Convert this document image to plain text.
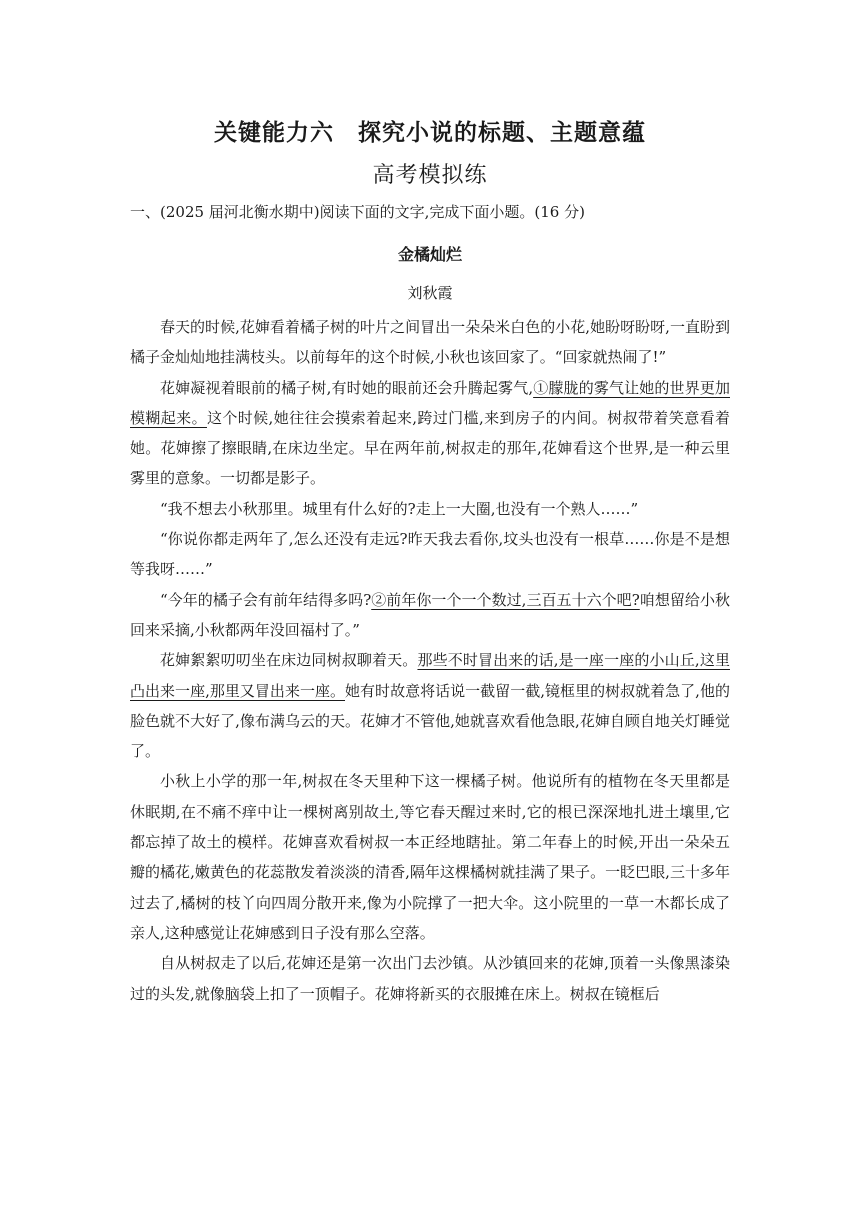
关键能力六　探究小说的标题、主题意蕴
高考模拟练
一、(2025 届河北衡水期中)阅读下面的文字,完成下面小题。(16 分)
金橘灿烂
刘秋霞

春天的时候,花婶看着橘子树的叶片之间冒出一朵朵米白色的小花,她盼呀盼呀,一直盼到橘子金灿灿地挂满枝头。以前每年的这个时候,小秋也该回家了。“回家就热闹了!”

花婶凝视着眼前的橘子树,有时她的眼前还会升腾起雾气,①朦胧的雾气让她的世界更加模糊起来。这个时候,她往往会摸索着起来,跨过门槛,来到房子的内间。树叔带着笑意看着她。花婶擦了擦眼睛,在床边坐定。早在两年前,树叔走的那年,花婶看这个世界,是一种云里雾里的意象。一切都是影子。

“我不想去小秋那里。城里有什么好的?走上一大圈,也没有一个熟人……”

“你说你都走两年了,怎么还没有走远?昨天我去看你,坟头也没有一根草……你是不是想等我呀……”

“今年的橘子会有前年结得多吗?②前年你一个一个数过,三百五十六个吧?咱想留给小秋回来采摘,小秋都两年没回福村了。”

花婶絮絮叨叨坐在床边同树叔聊着天。那些不时冒出来的话,是一座一座的小山丘,这里凸出来一座,那里又冒出来一座。她有时故意将话说一截留一截,镜框里的树叔就着急了,他的脸色就不大好了,像布满乌云的天。花婶才不管他,她就喜欢看他急眼,花婶自顾自地关灯睡觉了。

小秋上小学的那一年,树叔在冬天里种下这一棵橘子树。他说所有的植物在冬天里都是休眠期,在不痛不痒中让一棵树离别故土,等它春天醒过来时,它的根已深深地扎进土壤里,它都忘掉了故土的模样。花婶喜欢看树叔一本正经地瞎扯。第二年春上的时候,开出一朵朵五瓣的橘花,嫩黄色的花蕊散发着淡淡的清香,隔年这棵橘树就挂满了果子。一眨巴眼,三十多年过去了,橘树的枝丫向四周分散开来,像为小院撑了一把大伞。这小院里的一草一木都长成了亲人,这种感觉让花婶感到日子没有那么空落。

自从树叔走了以后,花婶还是第一次出门去沙镇。从沙镇回来的花婶,顶着一头像黑漆染过的头发,就像脑袋上扣了一顶帽子。花婶将新买的衣服摊在床上。树叔在镜框后
